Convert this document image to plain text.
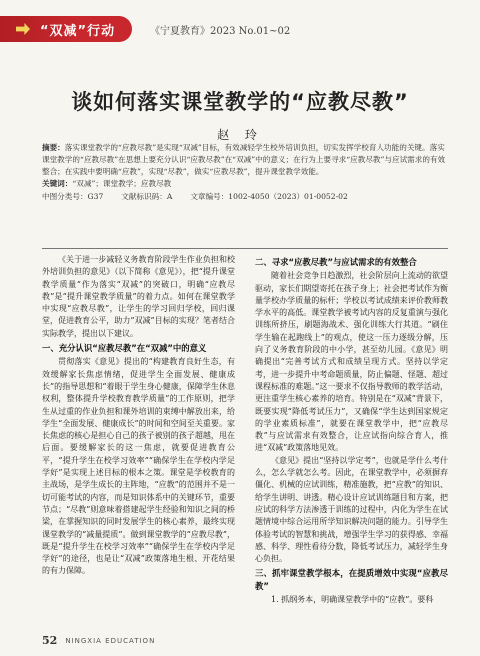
“双减”行动	《宁夏教育》2023 No.01~02
谈如何落实课堂教学的“应教尽教”
赵 玲
摘要：落实课堂教学的“应教尽教”是实现“双减”目标，有效减轻学生校外培训负担，切实发挥学校育人功能的关键。落实课堂教学的“应教尽教”在思想上要充分认识“应教尽教”在“双减”中的意义；在行为上要寻求“应教尽教”与应试需求的有效整合；在实践中要明确“应教”，实现“尽教”，做实“应教尽教”，提升课堂教学效能。
关键词：“双减”；课堂教学；应教尽教
中图分类号：G37 文献标识码：A 文章编号：1002-4050（2023）01-0052-02

《关于进一步减轻义务教育阶段学生作业负担和校外培训负担的意见》（以下简称《意见》），把“提升课堂教学质量”作为落实“双减”的突破口，明确“应教尽教”是“提升课堂教学质量”的着力点。如何在课堂教学中实现“应教尽教”，让学生的学习回归学校，回归课堂，促进教育公平，助力“双减”目标的实现？笔者结合实际教学，提出以下建议。

一、充分认识“应教尽教”在“双减”中的意义

贯彻落实《意见》提出的“构建教育良好生态，有效缓解家长焦虑情绪，促进学生全面发展、健康成长”的指导思想和“着眼于学生身心健康，保障学生休息权利，整体提升学校教育教学质量”的工作原则，把学生从过重的作业负担和课外培训的束缚中解放出来，给学生“全面发展、健康成长”的时间和空间至关重要。家长焦虑的核心是担心自己的孩子被别的孩子超越，甩在后面。要缓解家长的这一焦虑，就要促进教育公平，“提升学生在校学习效率”“确保学生在学校内学足学好”是实现上述目标的根本之策。课堂是学校教育的主战场，是学生成长的主阵地，“应教”的范围并不是一切可能考试的内容，而是知识体系中的关键环节，重要节点；“尽教”则意味着搭建起学生经验和知识之间的桥梁，在掌握知识的同时发展学生的核心素养，最终实现课堂教学的“减量提质”。做到课堂教学的“应教尽教”，既是“提升学生在校学习效率”“确保学生在学校内学足学好”的途径，也是让“双减”政策落地生根、开花结果的有力保障。

二、寻求“应教尽教”与应试需求的有效整合

随着社会竞争日趋激烈，社会阶层向上流动的欲望驱动，家长们期望寄托在孩子身上；社会把考试作为衡量学校办学质量的标杆；学校以考试成绩来评价教师教学水平的高低。课堂教学被考试内容的反复重演与强化训练所挤压，刷题海战术、强化训练大行其道。“刷住学生输在起跑线上”的观点，使这一压力逐级分解，压向了义务教育阶段的中小学，甚至幼儿园。《意见》明确提出“完善考试方式和成绩呈现方式。坚持以学定考，进一步提升中考命题质量，防止偏题、怪题、超过课程标准的难题。”这一要求不仅指导教师的教学活动，更注重学生核心素养的培育。特别是在“双减”背景下，既要实现“降低考试压力”，又确保“学生达到国家规定的学业素质标准”，就要在课堂教学中，把“应教尽教”与应试需求有效整合，让应试指向综合育人，推进“双减”政策落地见效。

《意见》提出“坚持以学定考”，也就是学什么考什么，怎么学就怎么考。因此，在课堂教学中，必须摒弃僵化、机械的应试训练，精准施教，把“应教”的知识、给学生讲明、讲透。精心设计应试训练题目和方案，把应试的科学方法渗透于训练的过程中，内化为学生在试题情境中综合运用所学知识解决问题的能力。引导学生体验考试的智慧和挑战，增强学生学习的获得感、幸福感、科学、理性看待分数，降低考试压力，减轻学生身心负担。

三、抓牢课堂教学根本，在提质增效中实现“应教尽教”

1. 抓纲务本，明确课堂教学中的“应教”。要科

52 NINGXIA EDUCATION
